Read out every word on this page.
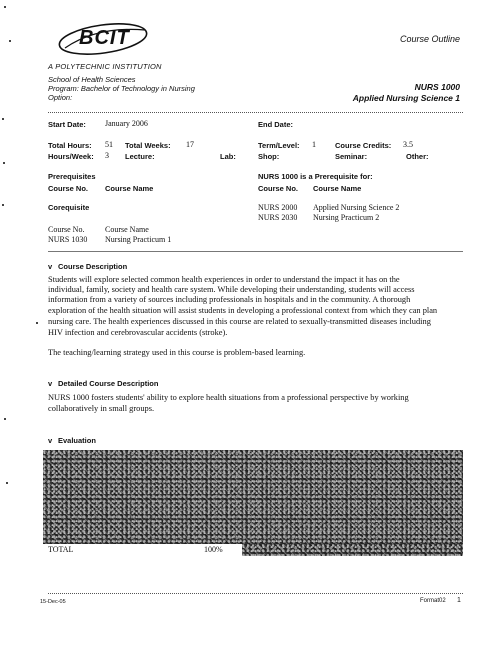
BCIT	Course Outline
A POLYTECHNIC INSTITUTION
School of Health Sciences
Program: Bachelor of Technology in Nursing
Option:
NURS 1000
Applied Nursing Science 1
Start Date: January 2006	End Date:
Total Hours: 51 Total Weeks: 17	Term/Level: 1	Course Credits: 3.5
Hours/Week: 3 Lecture:	Lab:	Shop:	Seminar:	Other:
Prerequisites
Course No. Course Name
NURS 1000 is a Prerequisite for:
Course No. Course Name
Corequisite	NURS 2000 Applied Nursing Science 2
NURS 2030 Nursing Practicum 2
Course No.	Course Name
NURS 1030 Nursing Practicum 1
v Course Description
Students will explore selected common health experiences in order to understand the impact it has on the
individual, family, society and health care system. While developing their understanding, students will access
information from a variety of sources including professionals in hospitals and in the community. A thorough
exploration of the health situation will assist students in developing a professional context from which they can plan
nursing care. The health experiences discussed in this course are related to sexually-transmitted diseases including
HIV infection and cerebrovascular accidents (stroke).
The teaching/learning strategy used in this course is problem-based learning.
v Detailed Course Description
NURS 1000 fosters students' ability to explore health situations from a professional perspective by working
collaboratively in small groups.
v Evaluation
TOTAL	100%
15-Dec-05	Format02 1
